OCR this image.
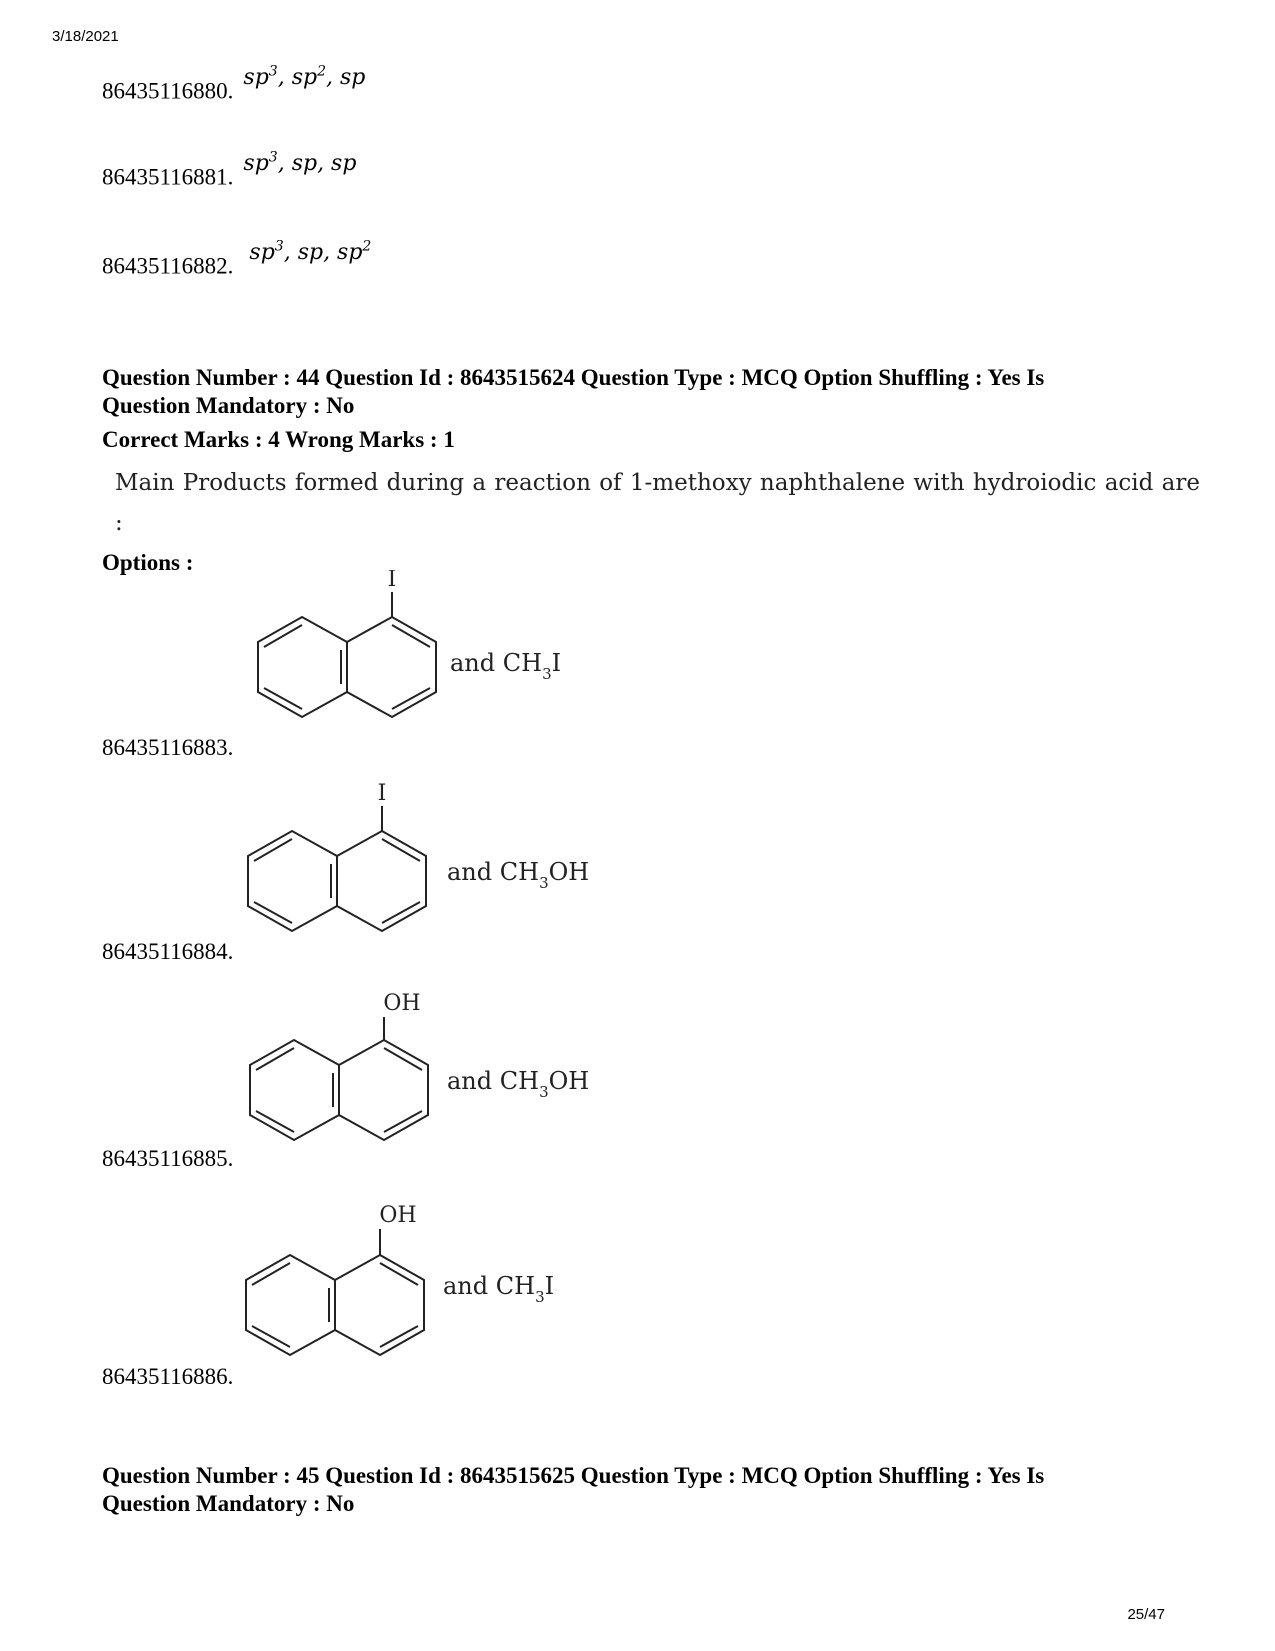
3/18/2021
86435116880. $sp^3$, $sp^2$, sp
86435116881. $sp^3$, sp, sp
86435116882. $sp^3$, sp, $sp^2$
Question Number : 44 Question Id : 8643515624 Question Type : MCQ Option Shuffling : Yes Is
Question Mandatory : No
Correct Marks : 4 Wrong Marks : 1
Main Products formed during a reaction of 1-methoxy naphthalene with hydroiodic acid are :
Options :
86435116883.
I
and $CH_3I$
86435116884.
I
and $CH_3OH$
86435116885.
OH
and $CH_3OH$
86435116886.
OH
and $CH_3I$
Question Number : 45 Question Id : 8643515625 Question Type : MCQ Option Shuffling : Yes Is
Question Mandatory : No
25/47
